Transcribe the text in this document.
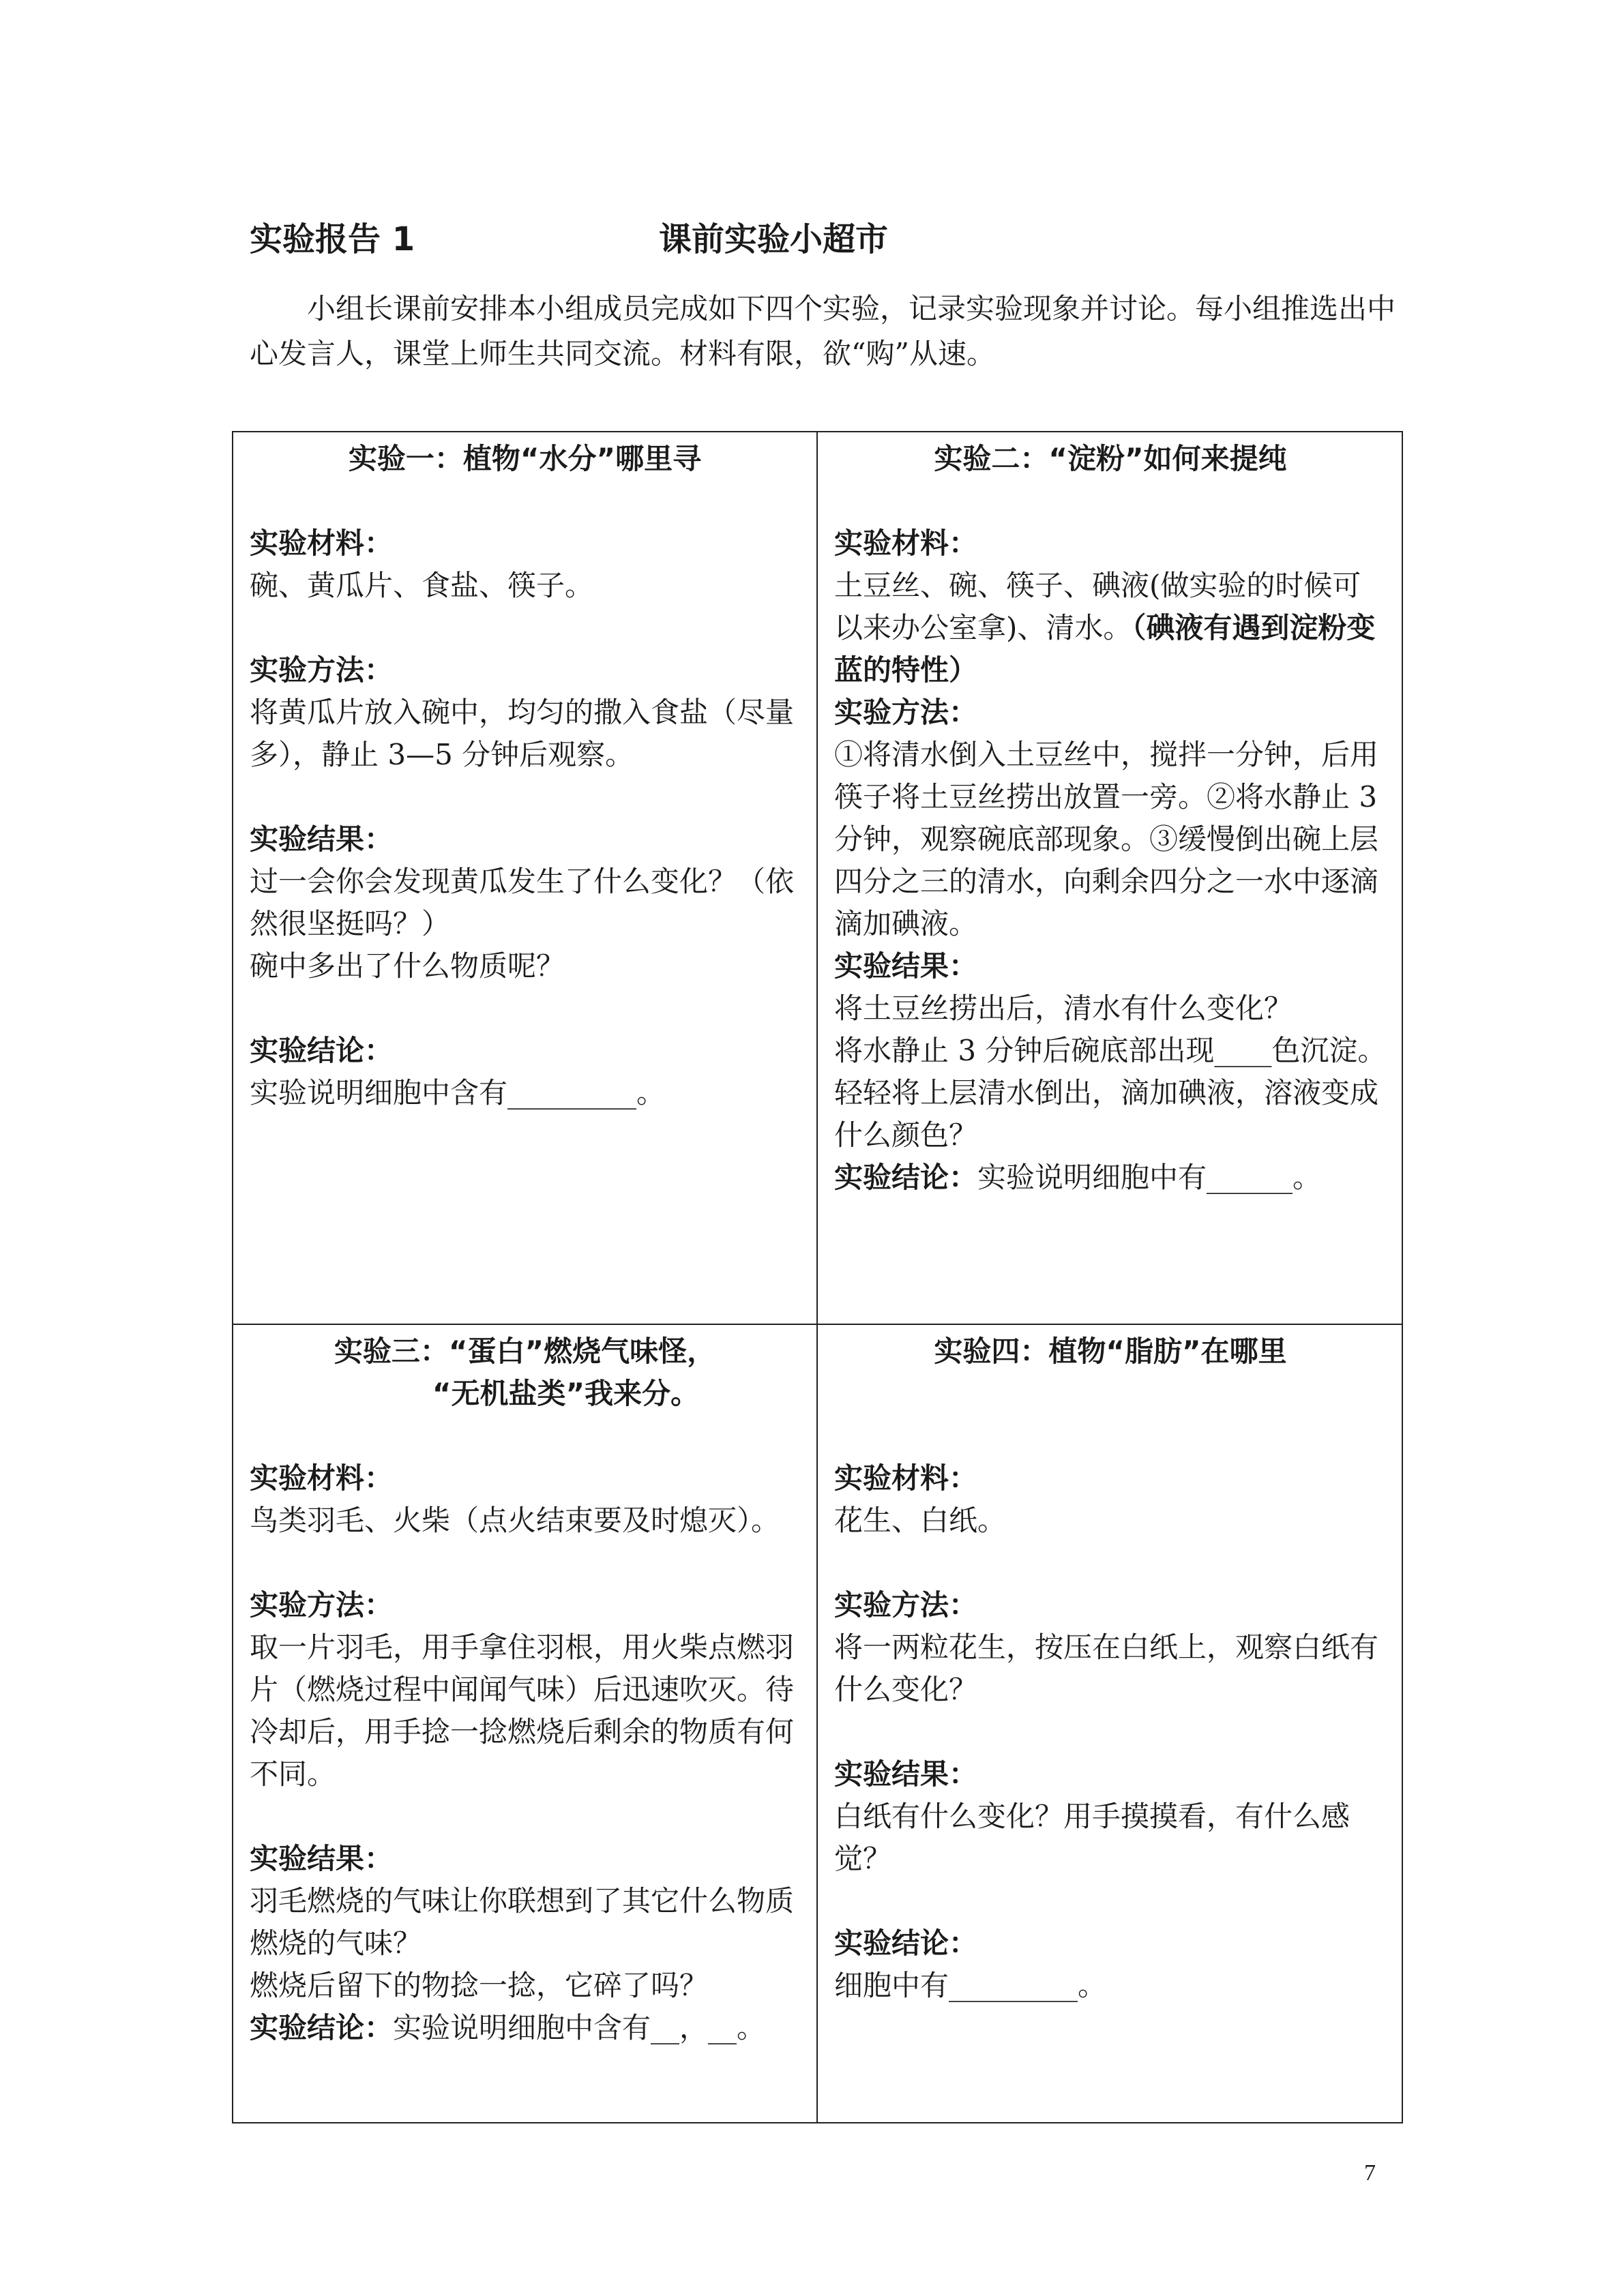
实验报告 1	课前实验小超市

小组长课前安排本小组成员完成如下四个实验，记录实验现象并讨论。每小组推选出中心发言人，课堂上师生共同交流。材料有限，欲“购”从速。

实验一：植物“水分”哪里寻
实验材料：
碗、黄瓜片、食盐、筷子。
实验方法：
将黄瓜片放入碗中，均匀的撒入食盐（尽量多），静止 3—5 分钟后观察。
实验结果：
过一会你会发现黄瓜发生了什么变化？（依然很坚挺吗？）
碗中多出了什么物质呢？
实验结论：
实验说明细胞中含有_________。
实验二：“淀粉”如何来提纯
实验材料：
土豆丝、碗、筷子、碘液(做实验的时候可以来办公室拿)、清水。（碘液有遇到淀粉变蓝的特性）
实验方法：
①将清水倒入土豆丝中，搅拌一分钟，后用筷子将土豆丝捞出放置一旁。②将水静止 3 分钟，观察碗底部现象。③缓慢倒出碗上层四分之三的清水，向剩余四分之一水中逐滴滴加碘液。
实验结果：
将土豆丝捞出后，清水有什么变化？
将水静止 3 分钟后碗底部出现____色沉淀。
轻轻将上层清水倒出，滴加碘液，溶液变成什么颜色？
实验结论：实验说明细胞中有______。
实验三：“蛋白”燃烧气味怪，
“无机盐类”我来分。
实验材料：
鸟类羽毛、火柴（点火结束要及时熄灭）。
实验方法：
取一片羽毛，用手拿住羽根，用火柴点燃羽片（燃烧过程中闻闻气味）后迅速吹灭。待冷却后，用手捻一捻燃烧后剩余的物质有何不同。
实验结果：
羽毛燃烧的气味让你联想到了其它什么物质燃烧的气味？
燃烧后留下的物捻一捻，它碎了吗？
实验结论：实验说明细胞中含有__，__。
实验四：植物“脂肪”在哪里
实验材料：
花生、白纸。
实验方法：
将一两粒花生，按压在白纸上，观察白纸有什么变化？
实验结果：
白纸有什么变化？用手摸摸看，有什么感觉？
实验结论：
细胞中有_________。
7
